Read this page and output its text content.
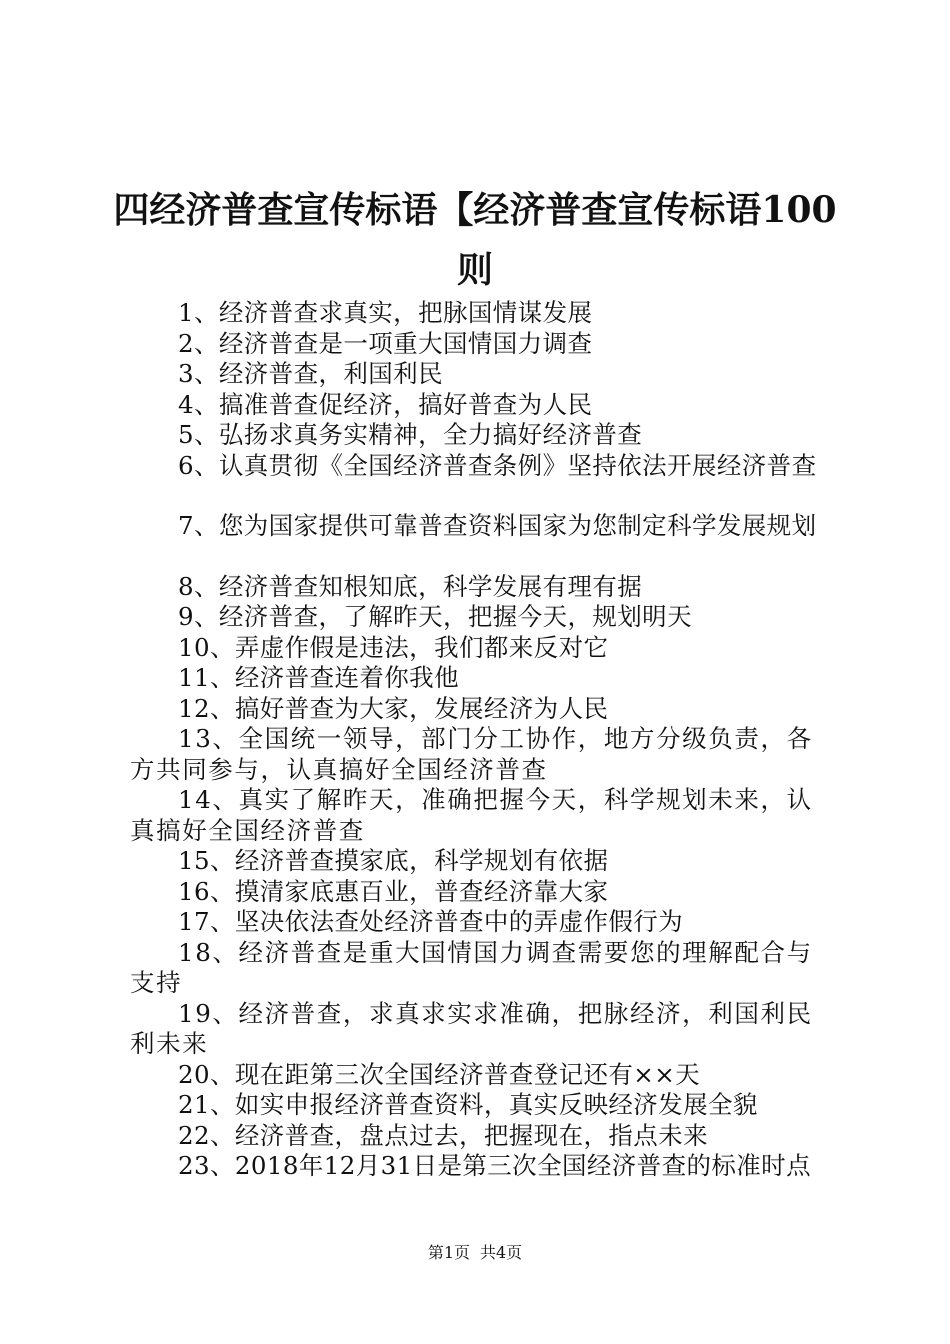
四经济普查宣传标语【经济普查宣传标语100则

1、经济普查求真实，把脉国情谋发展

2、经济普查是一项重大国情国力调查

3、经济普查，利国利民

4、搞准普查促经济，搞好普查为人民

5、弘扬求真务实精神，全力搞好经济普查

6、认真贯彻《全国经济普查条例》坚持依法开展经济普查

7、您为国家提供可靠普查资料国家为您制定科学发展规划

8、经济普查知根知底，科学发展有理有据

9、经济普查，了解昨天，把握今天，规划明天

10、弄虚作假是违法，我们都来反对它

11、经济普查连着你我他

12、搞好普查为大家，发展经济为人民

13、全国统一领导，部门分工协作，地方分级负责，各方共同参与，认真搞好全国经济普查

14、真实了解昨天，准确把握今天，科学规划未来，认真搞好全国经济普查

15、经济普查摸家底，科学规划有依据

16、摸清家底惠百业，普查经济靠大家

17、坚决依法查处经济普查中的弄虚作假行为

18、经济普查是重大国情国力调查需要您的理解配合与支持

19、经济普查，求真求实求准确，把脉经济，利国利民利未来

20、现在距第三次全国经济普查登记还有××天

21、如实申报经济普查资料，真实反映经济发展全貌

22、经济普查，盘点过去，把握现在，指点未来

23、2018年12月31日是第三次全国经济普查的标准时点

第1页 共4页
